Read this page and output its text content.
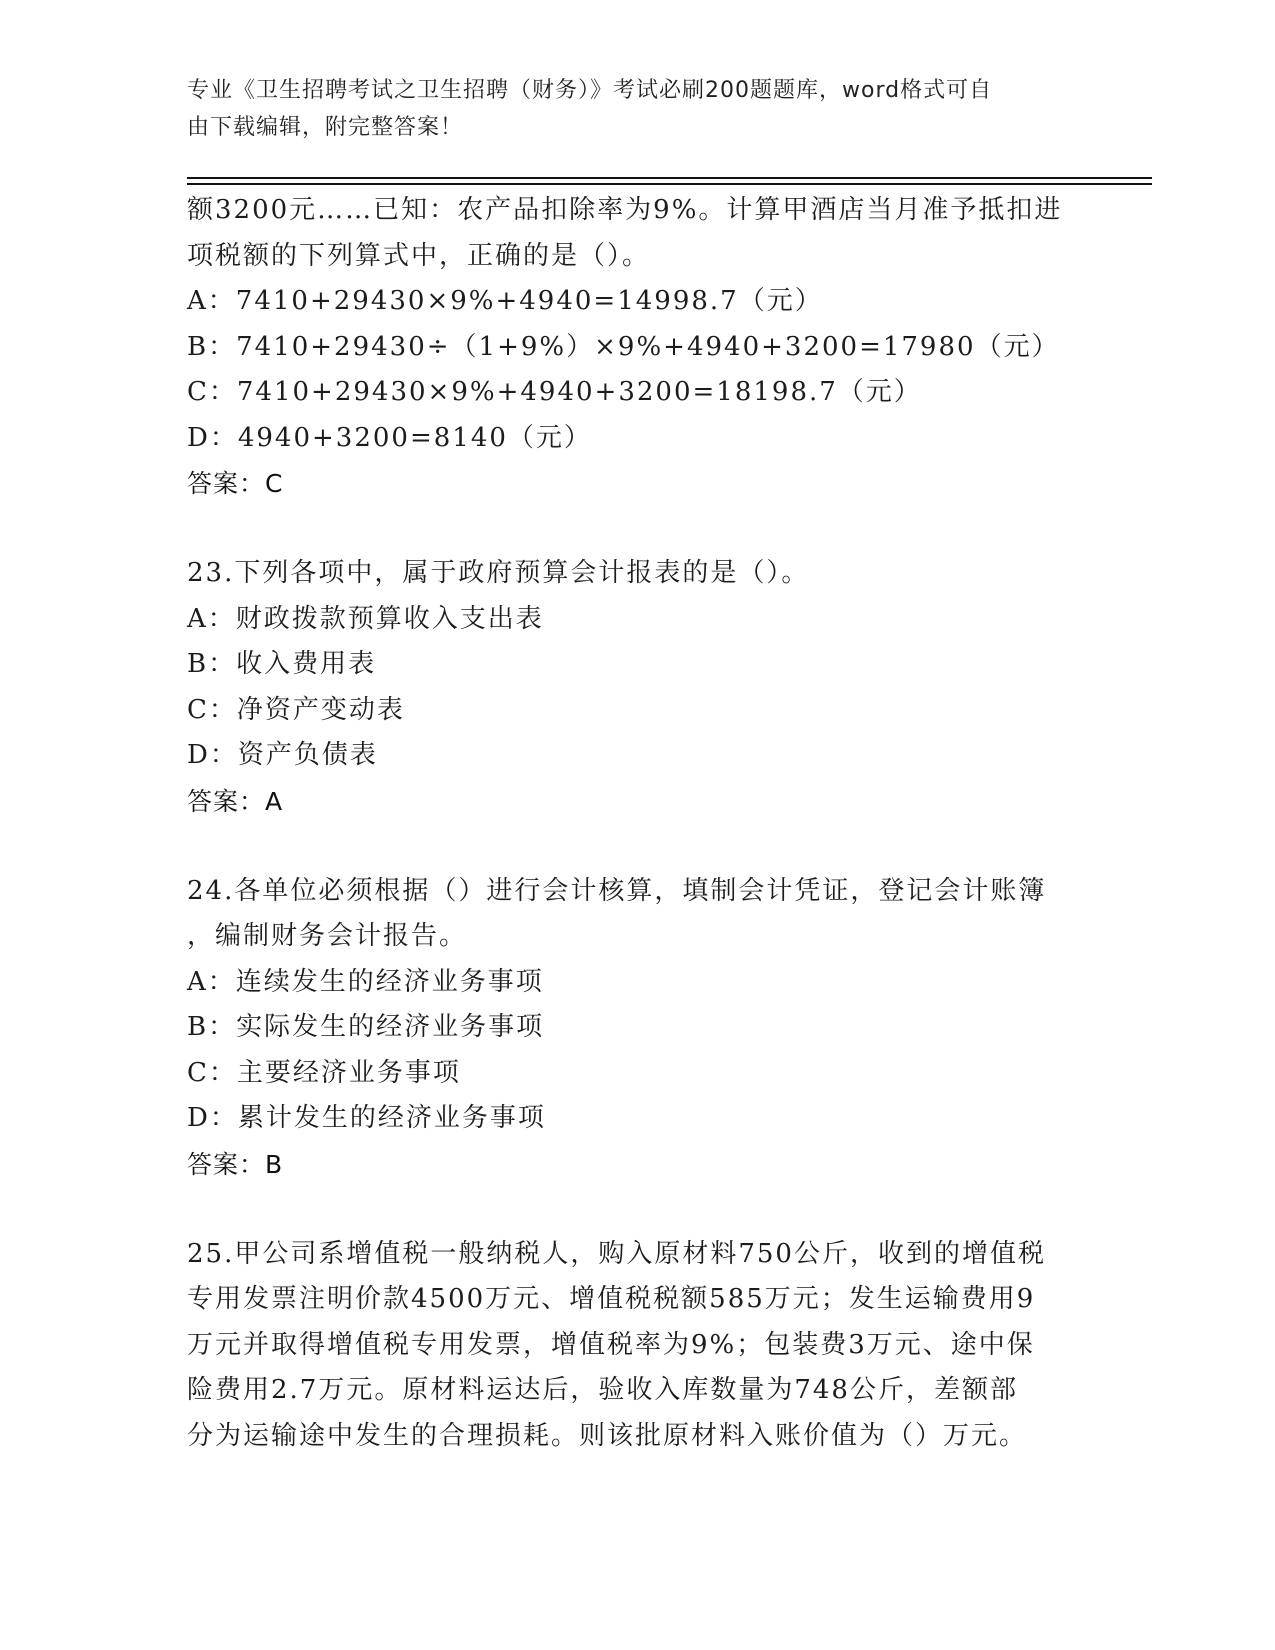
专业《卫生招聘考试之卫生招聘（财务）》考试必刷200题题库，word格式可自
由下载编辑，附完整答案！
额3200元……已知：农产品扣除率为9%。计算甲酒店当月准予抵扣进
项税额的下列算式中，正确的是（）。
A：7410+29430×9%+4940=14998.7（元）
B：7410+29430÷（1+9%）×9%+4940+3200=17980（元）
C：7410+29430×9%+4940+3200=18198.7（元）
D：4940+3200=8140（元）
答案：C
23.下列各项中，属于政府预算会计报表的是（）。
A：财政拨款预算收入支出表
B：收入费用表
C：净资产变动表
D：资产负债表
答案：A
24.各单位必须根据（）进行会计核算，填制会计凭证，登记会计账簿
，编制财务会计报告。
A：连续发生的经济业务事项
B：实际发生的经济业务事项
C：主要经济业务事项
D：累计发生的经济业务事项
答案：B
25.甲公司系增值税一般纳税人，购入原材料750公斤，收到的增值税
专用发票注明价款4500万元、增值税税额585万元；发生运输费用9
万元并取得增值税专用发票，增值税率为9%；包装费3万元、途中保
险费用2.7万元。原材料运达后，验收入库数量为748公斤，差额部
分为运输途中发生的合理损耗。则该批原材料入账价值为（）万元。
